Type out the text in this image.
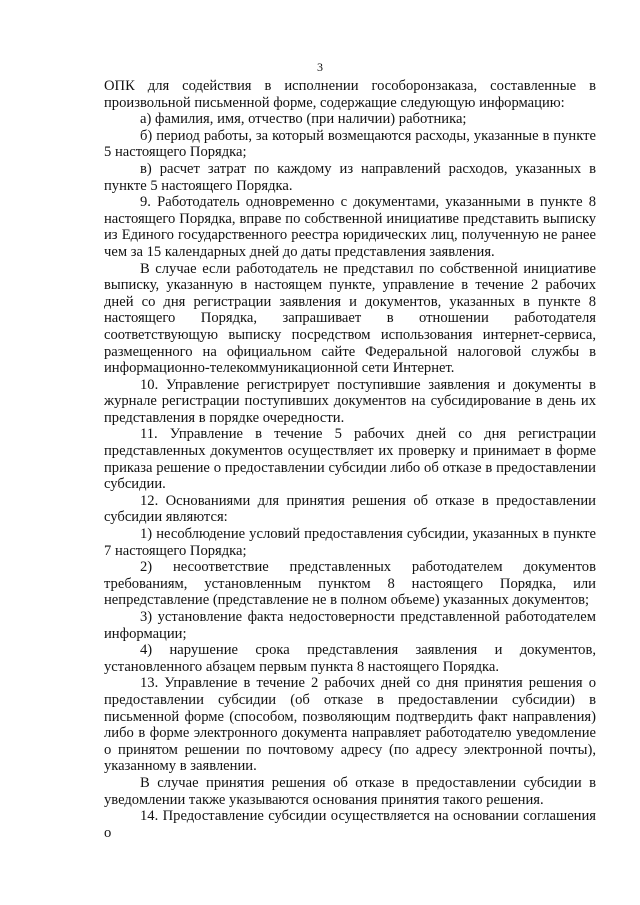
3

ОПК для содействия в исполнении гособоронзаказа, составленные в произвольной письменной форме, содержащие следующую информацию:

а) фамилия, имя, отчество (при наличии) работника;

б) период работы, за который возмещаются расходы, указанные в пункте 5 настоящего Порядка;

в) расчет затрат по каждому из направлений расходов, указанных в пункте 5 настоящего Порядка.

9. Работодатель одновременно с документами, указанными в пункте 8 настоящего Порядка, вправе по собственной инициативе представить выписку из Единого государственного реестра юридических лиц, полученную не ранее чем за 15 календарных дней до даты представления заявления.

В случае если работодатель не представил по собственной инициативе выписку, указанную в настоящем пункте, управление в течение 2 рабочих дней со дня регистрации заявления и документов, указанных в пункте 8 настоящего Порядка, запрашивает в отношении работодателя соответствующую выписку посредством использования интернет-сервиса, размещенного на официальном сайте Федеральной налоговой службы в информационно-телекоммуникационной сети Интернет.

10. Управление регистрирует поступившие заявления и документы в журнале регистрации поступивших документов на субсидирование в день их представления в порядке очередности.

11. Управление в течение 5 рабочих дней со дня регистрации представленных документов осуществляет их проверку и принимает в форме приказа решение о предоставлении субсидии либо об отказе в предоставлении субсидии.

12. Основаниями для принятия решения об отказе в предоставлении субсидии являются:

1) несоблюдение условий предоставления субсидии, указанных в пункте 7 настоящего Порядка;

2) несоответствие представленных работодателем документов требованиям, установленным пунктом 8 настоящего Порядка, или непредставление (представление не в полном объеме) указанных документов;

3) установление факта недостоверности представленной работодателем информации;

4) нарушение срока представления заявления и документов, установленного абзацем первым пункта 8 настоящего Порядка.

13. Управление в течение 2 рабочих дней со дня принятия решения о предоставлении субсидии (об отказе в предоставлении субсидии) в письменной форме (способом, позволяющим подтвердить факт направления) либо в форме электронного документа направляет работодателю уведомление о принятом решении по почтовому адресу (по адресу электронной почты), указанному в заявлении.

В случае принятия решения об отказе в предоставлении субсидии в уведомлении также указываются основания принятия такого решения.

14. Предоставление субсидии осуществляется на основании соглашения о
